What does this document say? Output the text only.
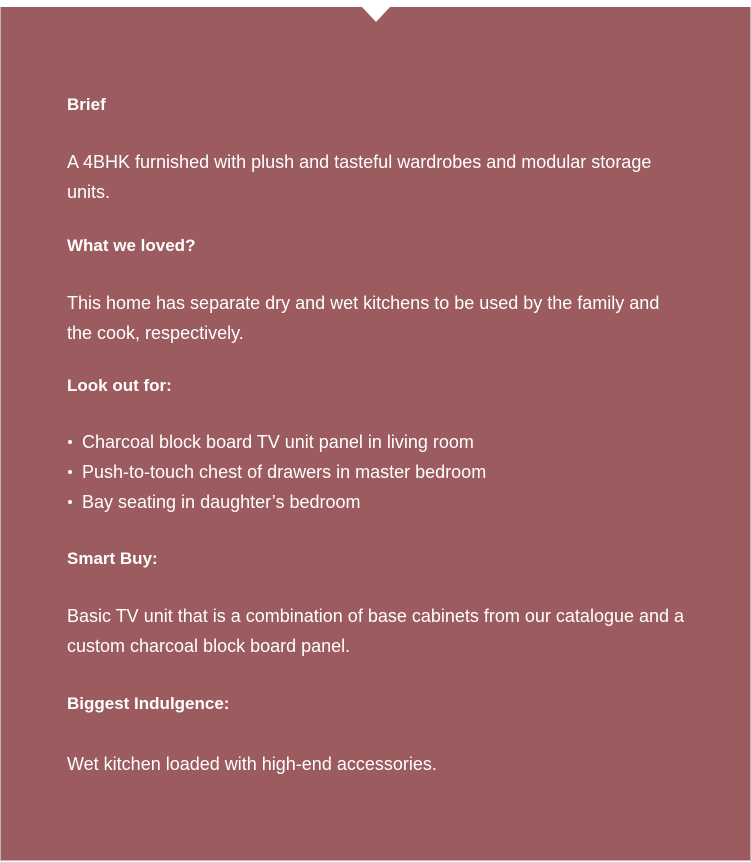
Brief
A 4BHK furnished with plush and tasteful wardrobes and modular storage units.
What we loved?
This home has separate dry and wet kitchens to be used by the family and the cook, respectively.
Look out for:
Charcoal block board TV unit panel in living room
Push-to-touch chest of drawers in master bedroom
Bay seating in daughter’s bedroom
Smart Buy:
Basic TV unit that is a combination of base cabinets from our catalogue and a custom charcoal block board panel.
Biggest Indulgence:
Wet kitchen loaded with high-end accessories.
